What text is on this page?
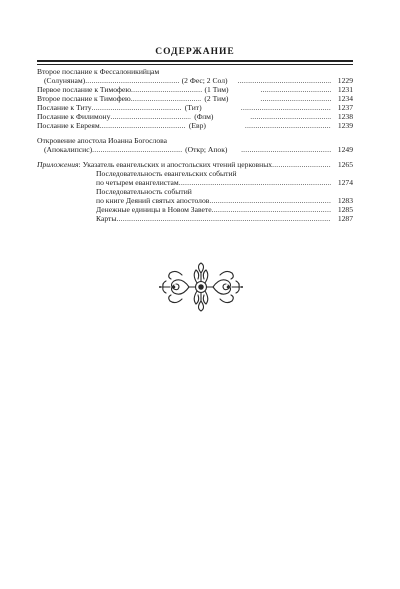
СОДЕРЖАНИЕ
Второе послание к Фессалоникийцам
(Солунянам) .....	(2 Фес; 2 Сол) .....	1229
Первое послание к Тимофею .....	(1 Тим) .....	1231
Второе послание к Тимофею .....	(2 Тим) .....	1234
Послание к Титу .....	(Тит) .....	1237
Послание к Филимону .....	(Флм) .....	1238
Послание к Евреям .....	(Евр) .....	1239
Откровение апостола Иоанна Богослова
(Апокалипсис) .....	(Откр; Апок) .....	1249
Приложения: Указатель евангельских и апостольских чтений церковных .....	1265
Последовательность евангельских событий
по четырем евангелистам .....	1274
Последовательность событий
по книге Деяний святых апостолов .....	1283
Денежные единицы в Новом Завете .....	1285
Карты .....	1287
